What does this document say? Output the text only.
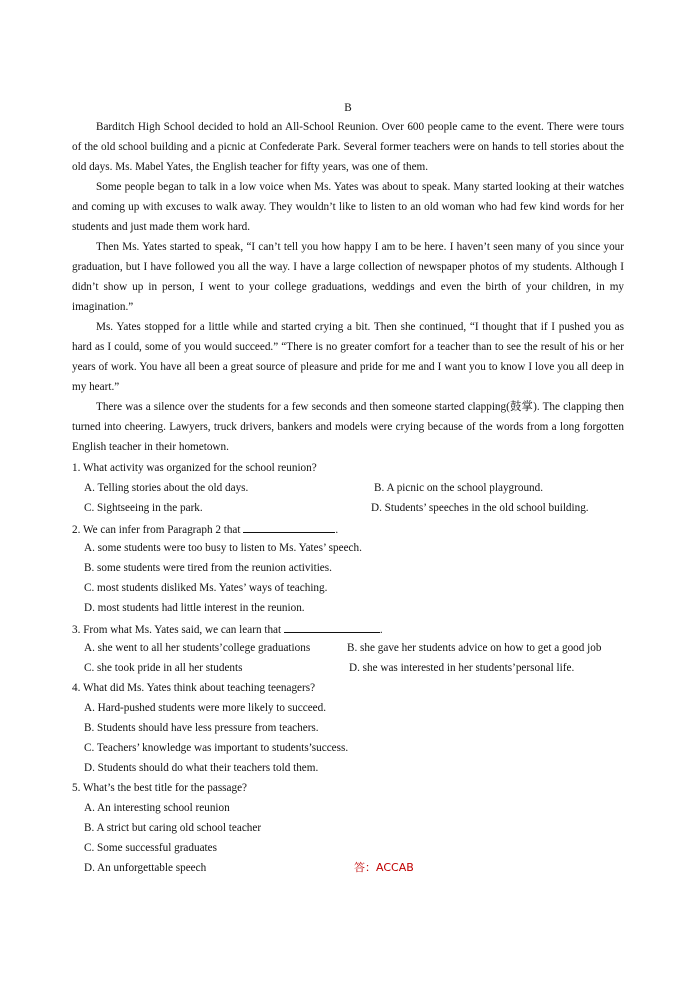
B

Barditch High School decided to hold an All-School Reunion. Over 600 people came to the event. There were tours of the old school building and a picnic at Confederate Park. Several former teachers were on hands to tell stories about the old days. Ms. Mabel Yates, the English teacher for fifty years, was one of them.

Some people began to talk in a low voice when Ms. Yates was about to speak. Many started looking at their watches and coming up with excuses to walk away. They wouldn’t like to listen to an old woman who had few kind words for her students and just made them work hard.

Then Ms. Yates started to speak, “I can’t tell you how happy I am to be here. I haven’t seen many of you since your graduation, but I have followed you all the way. I have a large collection of newspaper photos of my students. Although I didn’t show up in person, I went to your college graduations, weddings and even the birth of your children, in my imagination.”

Ms. Yates stopped for a little while and started crying a bit. Then she continued, “I thought that if I pushed you as hard as I could, some of you would succeed.” “There is no greater comfort for a teacher than to see the result of his or her years of work. You have all been a great source of pleasure and pride for me and I want you to know I love you all deep in my heart.”

There was a silence over the students for a few seconds and then someone started clapping(鼓掌). The clapping then turned into cheering. Lawyers, truck drivers, bankers and models were crying because of the words from a long forgotten English teacher in their hometown.

1. What activity was organized for the school reunion?
A. Telling stories about the old days.	B. A picnic on the school playground.
C. Sightseeing in the park.	D. Students’ speeches in the old school building.
2. We can infer from Paragraph 2 that	.
A. some students were too busy to listen to Ms. Yates’ speech.
B. some students were tired from the reunion activities.
C. most students disliked Ms. Yates’ ways of teaching.
D. most students had little interest in the reunion.
3. From what Ms. Yates said, we can learn that	.
A. she went to all her students’college graduations	B. she gave her students advice on how to get a good job
C. she took pride in all her students	D. she was interested in her students’personal life.
4. What did Ms. Yates think about teaching teenagers?
A. Hard-pushed students were more likely to succeed.
B. Students should have less pressure from teachers.
C. Teachers’ knowledge was important to students’success.
D. Students should do what their teachers told them.
5. What’s the best title for the passage?
A. An interesting school reunion
B. A strict but caring old school teacher
C. Some successful graduates
D. An unforgettable speech	答：ACCAB
